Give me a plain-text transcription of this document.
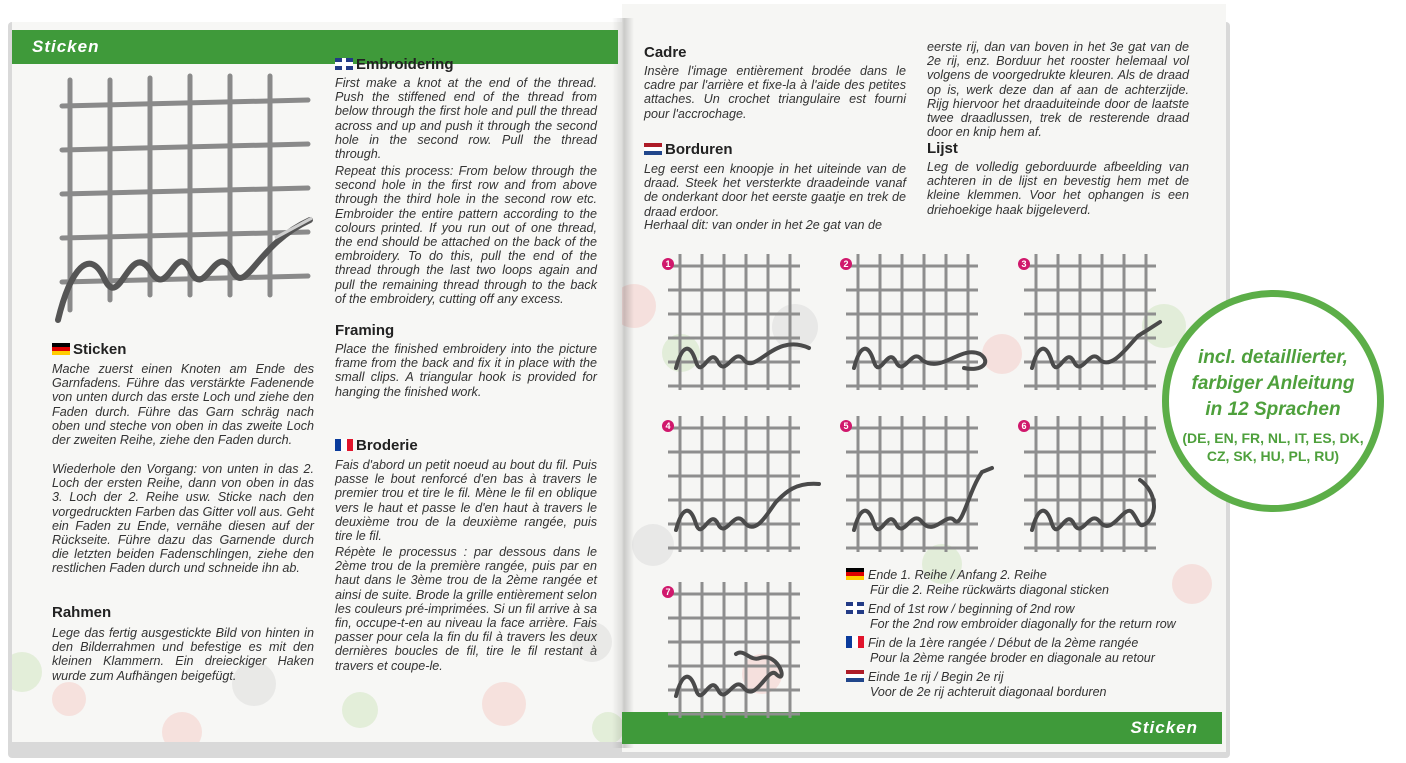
Sticken
Sticken
Sticken
Mache zuerst einen Knoten am Ende des Garnfadens. Führe das verstärkte Fadenende von unten durch das erste Loch und ziehe den Faden durch. Führe das Garn schräg nach oben und steche von oben in das zweite Loch der zweiten Reihe, ziehe den Faden durch.
Wiederhole den Vorgang: von unten in das 2. Loch der ersten Reihe, dann von oben in das 3. Loch der 2. Reihe usw. Sticke nach den vorgedruckten Farben das Gitter voll aus. Geht ein Faden zu Ende, vernähe diesen auf der Rückseite. Führe dazu das Garnende durch die letzten beiden Fadenschlingen, ziehe den restlichen Faden durch und schneide ihn ab.
Rahmen
Lege das fertig ausgestickte Bild von hinten in den Bilderrahmen und befestige es mit den kleinen Klammern. Ein dreieckiger Haken wurde zum Aufhängen beigefügt.
Embroidering
First make a knot at the end of the thread. Push the stiffened end of the thread from below through the first hole and pull the thread across and up and push it through the second hole in the second row. Pull the thread through.
Repeat this process: From below through the second hole in the first row and from above through the third hole in the second row etc. Embroider the entire pattern according to the colours printed. If you run out of one thread, the end should be attached on the back of the embroidery. To do this, pull the end of the thread through the last two loops again and pull the remaining thread through to the back of the embroidery, cutting off any excess.
Framing
Place the finished embroidery into the picture frame from the back and fix it in place with the small clips. A triangular hook is provided for hanging the finished work.
Broderie
Fais d'abord un petit noeud au bout du fil. Puis passe le bout renforcé d'en bas à travers le premier trou et tire le fil. Mène le fil en oblique vers le haut et passe le d'en haut à travers le deuxième trou de la deuxième rangée, puis tire le fil.
Répète le processus : par dessous dans le 2ème trou de la première rangée, puis par en haut dans le 3ème trou de la 2ème rangée et ainsi de suite. Brode la grille entièrement selon les couleurs pré-imprimées. Si un fil arrive à sa fin, occupe-t-en au niveau la face arrière. Fais passer pour cela la fin du fil à travers les deux dernières boucles de fil, tire le fil restant à travers et coupe-le.
Cadre
Insère l'image entièrement brodée dans le cadre par l'arrière et fixe-la à l'aide des petites attaches. Un crochet triangulaire est fourni pour l'accrochage.
Borduren
Leg eerst een knoopje in het uiteinde van de draad. Steek het versterkte draadeinde vanaf de onderkant door het eerste gaatje en trek de draad erdoor.
Herhaal dit: van onder in het 2e gat van de
eerste rij, dan van boven in het 3e gat van de 2e rij, enz. Borduur het rooster helemaal vol volgens de voorgedrukte kleuren. Als de draad op is, werk deze dan af aan de achterzijde. Rijg hiervoor het draaduiteinde door de laatste twee draadlussen, trek de resterende draad door en knip hem af.
Lijst
Leg de volledig geborduurde afbeelding van achteren in de lijst en bevestig hem met de kleine klemmen. Voor het ophangen is een driehoekige haak bijgeleverd.
1	2	3
4	5	6
7
Ende 1. Reihe / Anfang 2. Reihe
Für die 2. Reihe rückwärts diagonal sticken
End of 1st row / beginning of 2nd row
For the 2nd row embroider diagonally for the return row
Fin de la 1ère rangée / Début de la 2ème rangée
Pour la 2ème rangée broder en diagonale au retour
Einde 1e rij / Begin 2e rij
Voor de 2e rij achteruit diagonaal borduren
incl. detaillierter,
farbiger Anleitung
in 12 Sprachen
(DE, EN, FR, NL, IT, ES, DK,
CZ, SK, HU, PL, RU)
